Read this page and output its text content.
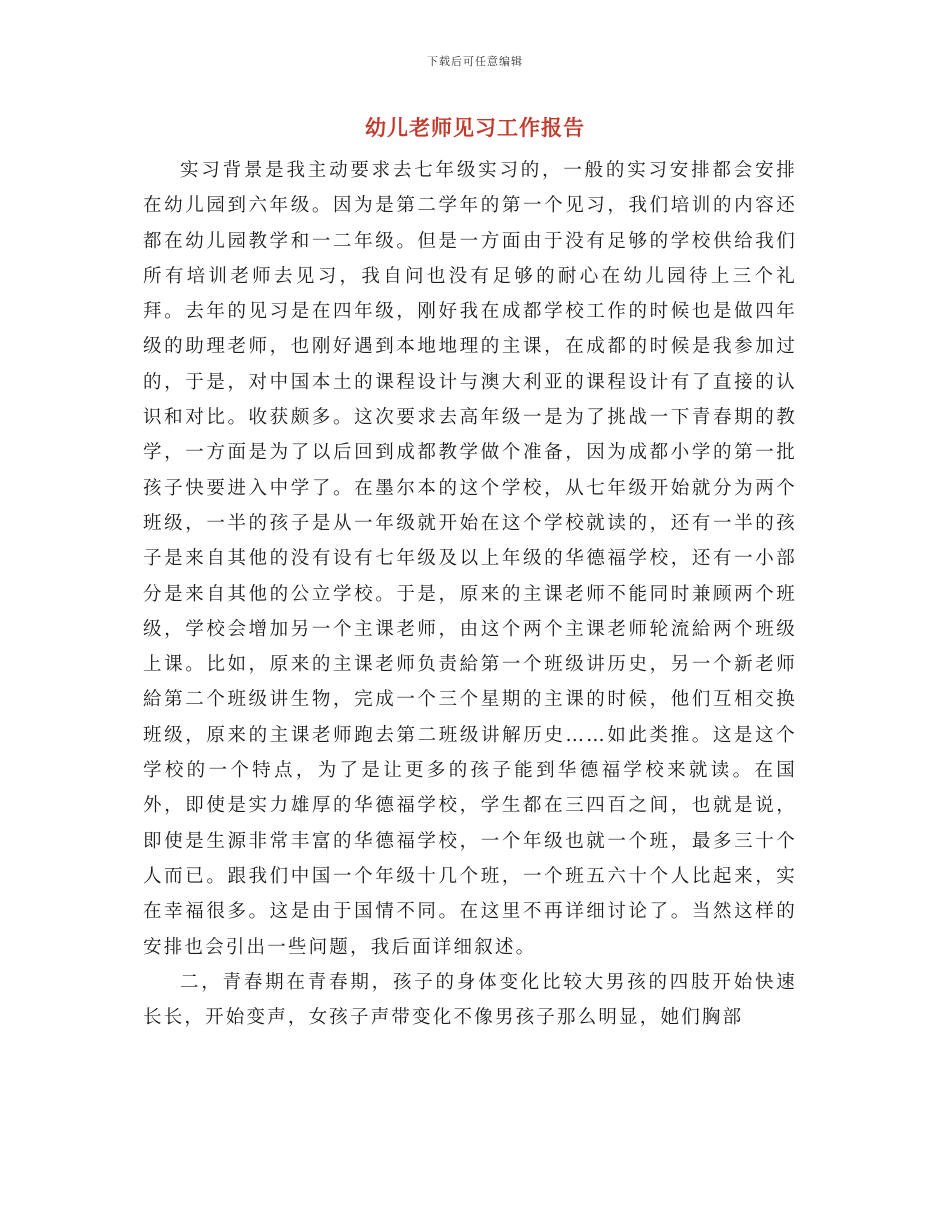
下载后可任意编辑
幼儿老师见习工作报告

实习背景是我主动要求去七年级实习的，一般的实习安排都会安排在幼儿园到六年级。因为是第二学年的第一个见习，我们培训的内容还都在幼儿园教学和一二年级。但是一方面由于没有足够的学校供给我们所有培训老师去见习，我自问也没有足够的耐心在幼儿园待上三个礼拜。去年的见习是在四年级，刚好我在成都学校工作的时候也是做四年级的助理老师，也刚好遇到本地地理的主课，在成都的时候是我参加过的，于是，对中国本土的课程设计与澳大利亚的课程设计有了直接的认识和对比。收获颇多。这次要求去高年级一是为了挑战一下青春期的教学，一方面是为了以后回到成都教学做个准备，因为成都小学的第一批孩子快要进入中学了。在墨尔本的这个学校，从七年级开始就分为两个班级，一半的孩子是从一年级就开始在这个学校就读的，还有一半的孩子是来自其他的没有设有七年级及以上年级的华德福学校，还有一小部分是来自其他的公立学校。于是，原来的主课老师不能同时兼顾两个班级，学校会增加另一个主课老师，由这个两个主课老师轮流給两个班级上课。比如，原来的主课老师负责給第一个班级讲历史，另一个新老师給第二个班级讲生物，完成一个三个星期的主课的时候，他们互相交换班级，原来的主课老师跑去第二班级讲解历史……如此类推。这是这个学校的一个特点，为了是让更多的孩子能到华德福学校来就读。在国外，即使是实力雄厚的华德福学校，学生都在三四百之间，也就是说，即使是生源非常丰富的华德福学校，一个年级也就一个班，最多三十个人而已。跟我们中国一个年级十几个班，一个班五六十个人比起来，实在幸福很多。这是由于国情不同。在这里不再详细讨论了。当然这样的安排也会引出一些问题，我后面详细叙述。

二，青春期在青春期，孩子的身体变化比较大男孩的四肢开始快速长长，开始变声，女孩子声带变化不像男孩子那么明显，她们胸部
